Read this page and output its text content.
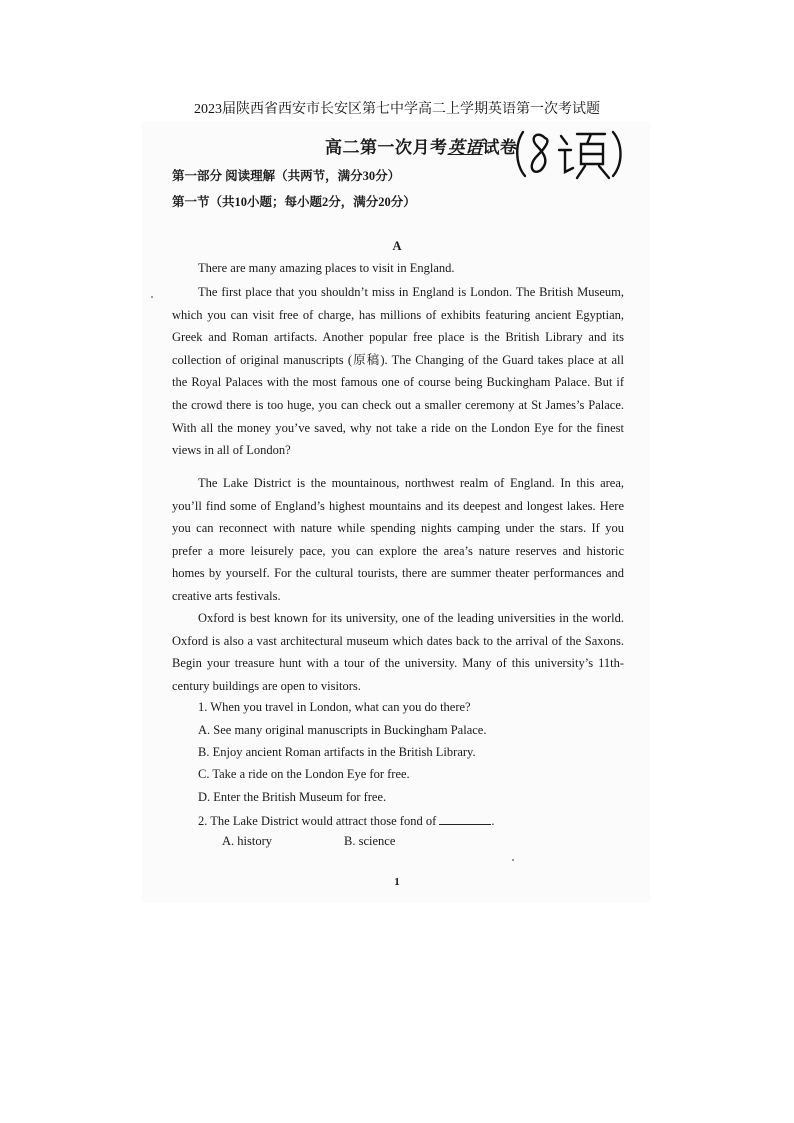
2023届陕西省西安市长安区第七中学高二上学期英语第一次考试题
高二第一次月考英语试卷
第一部分 阅读理解（共两节，满分30分）
第一节（共10小题；每小题2分，满分20分）
A

There are many amazing places to visit in England.

The first place that you shouldn’t miss in England is London. The British Museum, which you can visit free of charge, has millions of exhibits featuring ancient Egyptian, Greek and Roman artifacts. Another popular free place is the British Library and its collection of original manuscripts (原稿). The Changing of the Guard takes place at all the Royal Palaces with the most famous one of course being Buckingham Palace. But if the crowd there is too huge, you can check out a smaller ceremony at St James’s Palace. With all the money you’ve saved, why not take a ride on the London Eye for the finest views in all of London?

The Lake District is the mountainous, northwest realm of England. In this area, you’ll find some of England’s highest mountains and its deepest and longest lakes. Here you can reconnect with nature while spending nights camping under the stars. If you prefer a more leisurely pace, you can explore the area’s nature reserves and historic homes by yourself. For the cultural tourists, there are summer theater performances and creative arts festivals.

Oxford is best known for its university, one of the leading universities in the world. Oxford is also a vast architectural museum which dates back to the arrival of the Saxons. Begin your treasure hunt with a tour of the university. Many of this university’s 11th-century buildings are open to visitors.

1. When you travel in London, what can you do there?
A. See many original manuscripts in Buckingham Palace.
B. Enjoy ancient Roman artifacts in the British Library.
C. Take a ride on the London Eye for free.
D. Enter the British Museum for free.
2. The Lake District would attract those fond of	.
A. history	B. science
1
